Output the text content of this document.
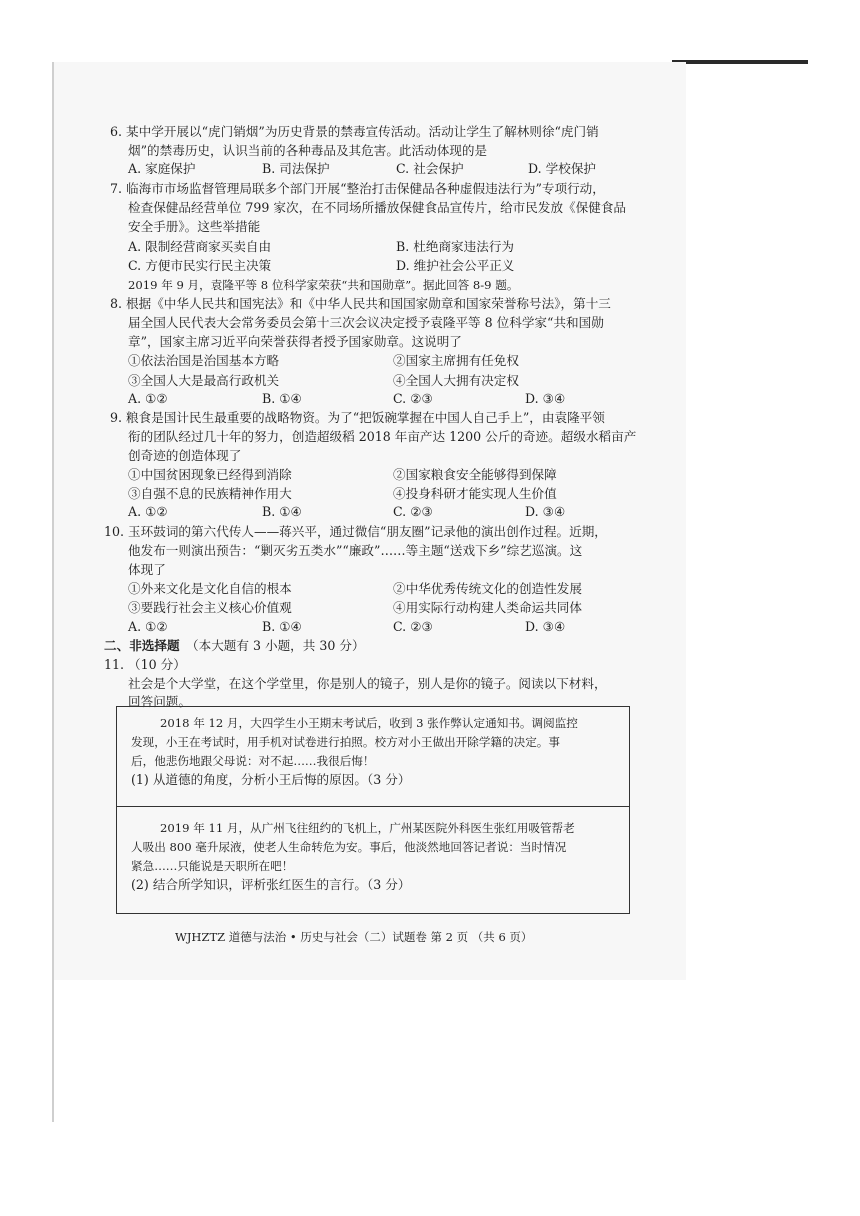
6. 某中学开展以“虎门销烟”为历史背景的禁毒宣传活动。活动让学生了解林则徐“虎门销
烟”的禁毒历史，认识当前的各种毒品及其危害。此活动体现的是
A. 家庭保护	B. 司法保护	C. 社会保护	D. 学校保护
7. 临海市市场监督管理局联多个部门开展“整治打击保健品各种虚假违法行为”专项行动，
检查保健品经营单位 799 家次，在不同场所播放保健食品宣传片，给市民发放《保健食品
安全手册》。这些举措能
A. 限制经营商家买卖自由	B. 杜绝商家违法行为
C. 方便市民实行民主决策	D. 维护社会公平正义
2019 年 9 月，袁隆平等 8 位科学家荣获“共和国勋章”。据此回答 8-9 题。
8. 根据《中华人民共和国宪法》和《中华人民共和国国家勋章和国家荣誉称号法》，第十三
届全国人民代表大会常务委员会第十三次会议决定授予袁隆平等 8 位科学家“共和国勋
章”，国家主席习近平向荣誉获得者授予国家勋章。这说明了
①依法治国是治国基本方略	②国家主席拥有任免权
③全国人大是最高行政机关	④全国人大拥有决定权
A. ①②	B. ①④	C. ②③	D. ③④
9. 粮食是国计民生最重要的战略物资。为了“把饭碗掌握在中国人自己手上”，由袁隆平领
衔的团队经过几十年的努力，创造超级稻 2018 年亩产达 1200 公斤的奇迹。超级水稻亩产
创奇迹的创造体现了
①中国贫困现象已经得到消除	②国家粮食安全能够得到保障
③自强不息的民族精神作用大	④投身科研才能实现人生价值
A. ①②	B. ①④	C. ②③	D. ③④
10. 玉环鼓词的第六代传人——蒋兴平，通过微信“朋友圈”记录他的演出创作过程。近期，
他发布一则演出预告：“剿灭劣五类水”“廉政”……等主题“送戏下乡”综艺巡演。这
体现了
①外来文化是文化自信的根本	②中华优秀传统文化的创造性发展
③要践行社会主义核心价值观	④用实际行动构建人类命运共同体
A. ①②	B. ①④	C. ②③	D. ③④
二、非选择题 （本大题有 3 小题，共 30 分）
11. （10 分）
社会是个大学堂，在这个学堂里，你是别人的镜子，别人是你的镜子。阅读以下材料，
回答问题。
2018 年 12 月，大四学生小王期末考试后，收到 3 张作弊认定通知书。调阅监控
发现，小王在考试时，用手机对试卷进行拍照。校方对小王做出开除学籍的决定。事
后，他悲伤地跟父母说：对不起……我很后悔！
(1) 从道德的角度，分析小王后悔的原因。（3 分）
2019 年 11 月，从广州飞往纽约的飞机上，广州某医院外科医生张红用吸管帮老
人吸出 800 毫升尿液，使老人生命转危为安。事后，他淡然地回答记者说：当时情况
紧急……只能说是天职所在吧！
(2) 结合所学知识，评析张红医生的言行。（3 分）
WJHZTZ 道德与法治 • 历史与社会（二）试题卷 第 2 页 （共 6 页）
